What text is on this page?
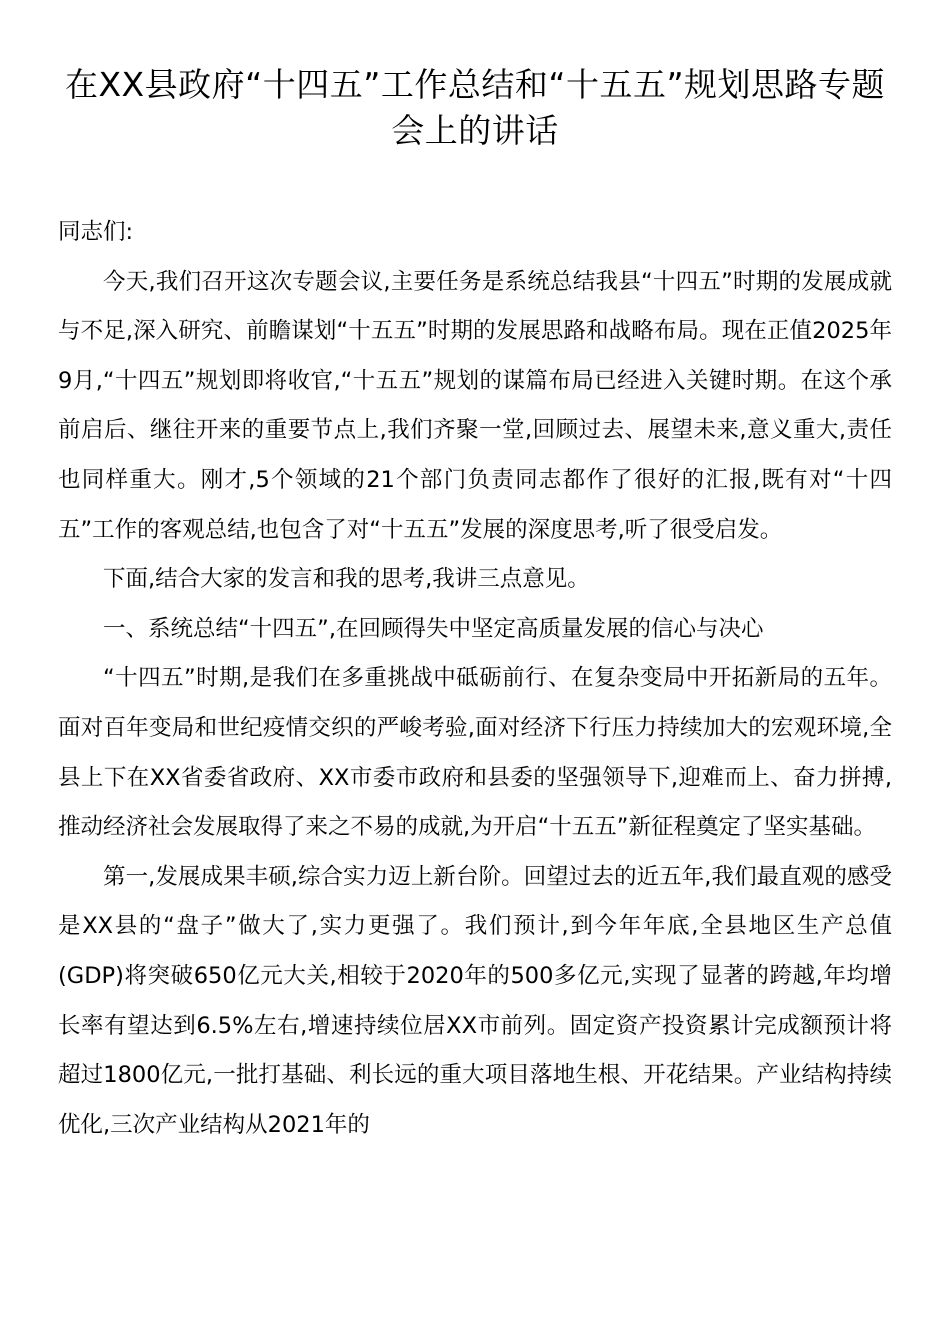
在XX县政府“十四五”工作总结和“十五五”规划思路专题会上的讲话

同志们:

今天,我们召开这次专题会议,主要任务是系统总结我县“十四五”时期的发展成就与不足,深入研究、前瞻谋划“十五五”时期的发展思路和战略布局。现在正值2025年9月,“十四五”规划即将收官,“十五五”规划的谋篇布局已经进入关键时期。在这个承前启后、继往开来的重要节点上,我们齐聚一堂,回顾过去、展望未来,意义重大,责任也同样重大。刚才,5个领域的21个部门负责同志都作了很好的汇报,既有对“十四五”工作的客观总结,也包含了对“十五五”发展的深度思考,听了很受启发。

下面,结合大家的发言和我的思考,我讲三点意见。

一、系统总结“十四五”,在回顾得失中坚定高质量发展的信心与决心

“十四五”时期,是我们在多重挑战中砥砺前行、在复杂变局中开拓新局的五年。面对百年变局和世纪疫情交织的严峻考验,面对经济下行压力持续加大的宏观环境,全县上下在XX省委省政府、XX市委市政府和县委的坚强领导下,迎难而上、奋力拼搏,推动经济社会发展取得了来之不易的成就,为开启“十五五”新征程奠定了坚实基础。

第一,发展成果丰硕,综合实力迈上新台阶。回望过去的近五年,我们最直观的感受是XX县的“盘子”做大了,实力更强了。我们预计,到今年年底,全县地区生产总值(GDP)将突破650亿元大关,相较于2020年的500多亿元,实现了显著的跨越,年均增长率有望达到6.5%左右,增速持续位居XX市前列。固定资产投资累计完成额预计将超过1800亿元,一批打基础、利长远的重大项目落地生根、开花结果。产业结构持续优化,三次产业结构从2021年的
